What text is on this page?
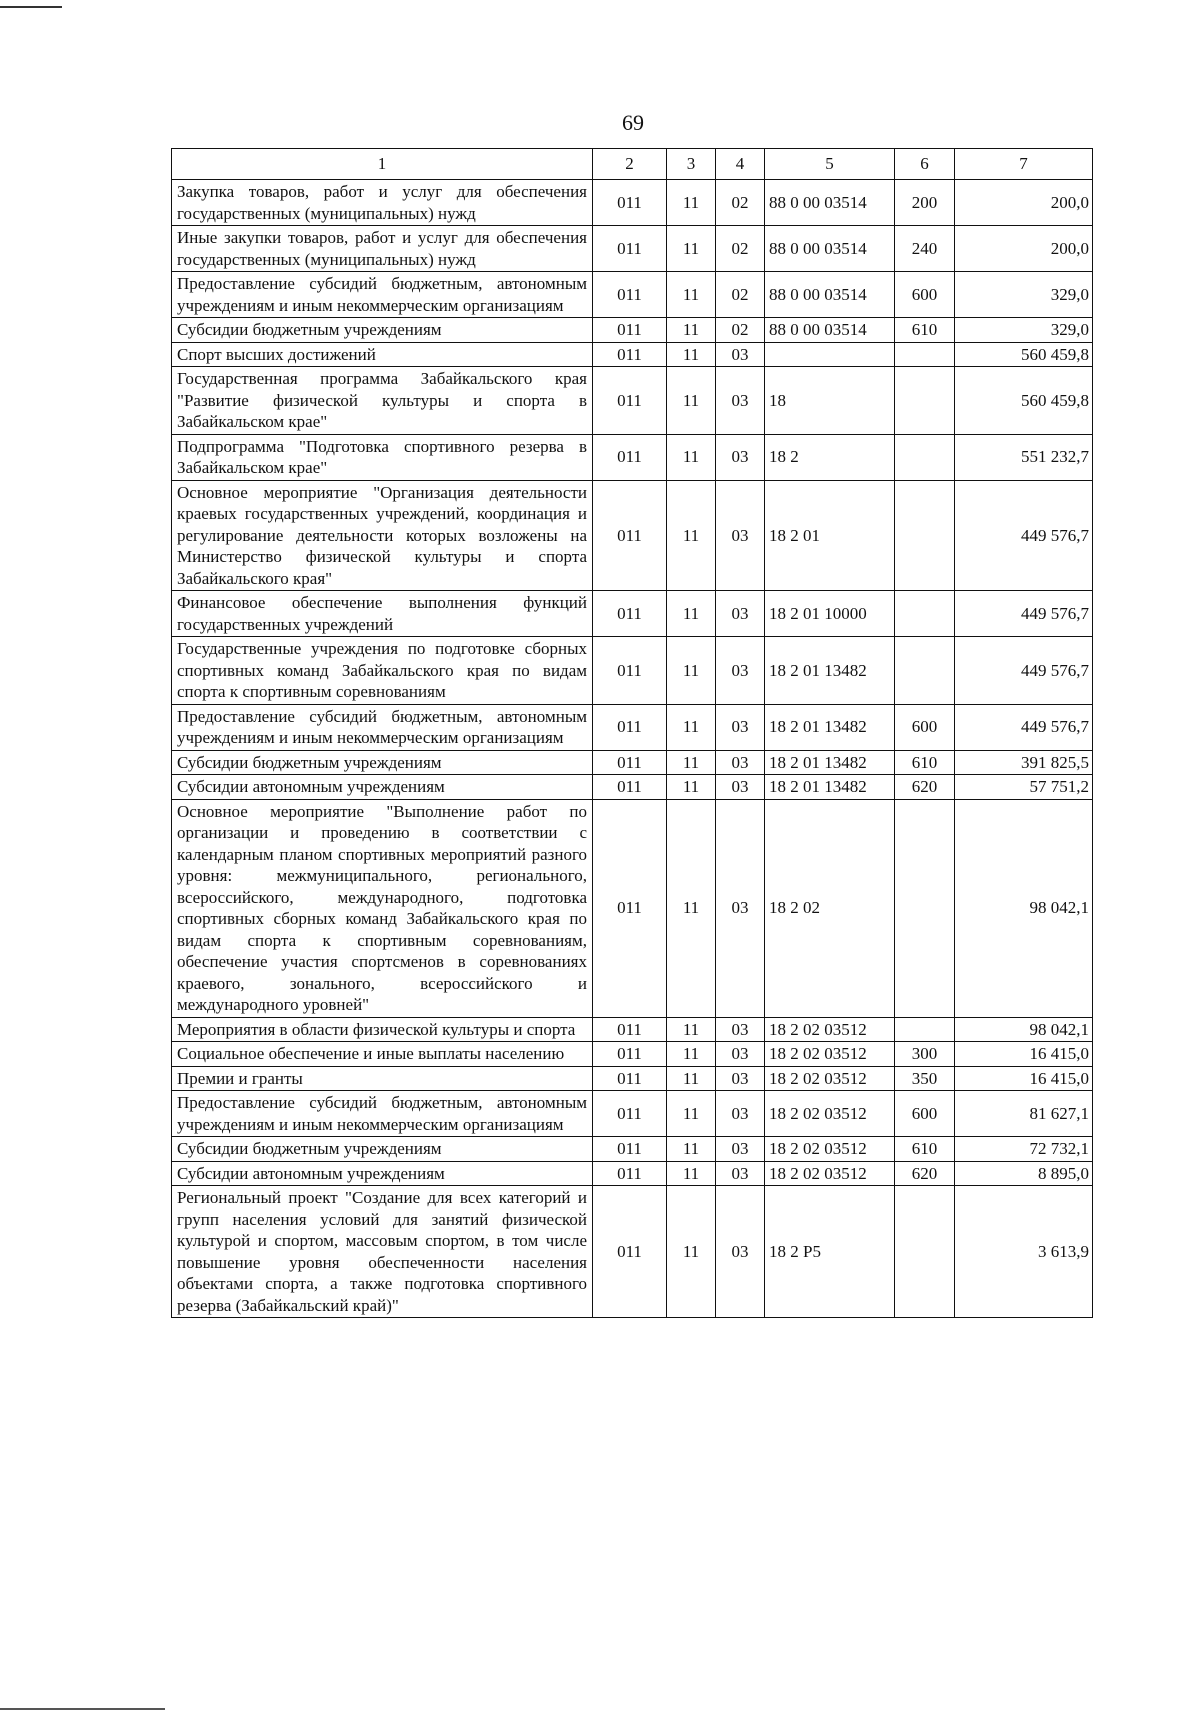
69
1	2	3	4	5	6	7
Закупка товаров, работ и услуг для обеспечения государственных (муниципальных) нужд	011	11	02	88 0 00 03514	200	200,0
Иные закупки товаров, работ и услуг для обеспечения государственных (муниципальных) нужд	011	11	02	88 0 00 03514	240	200,0
Предоставление субсидий бюджетным, автономным учреждениям и иным некоммерческим организациям	011	11	02	88 0 00 03514	600	329,0
Субсидии бюджетным учреждениям	011	11	02	88 0 00 03514	610	329,0
Спорт высших достижений	011	11	03			560 459,8
Государственная программа Забайкальского края "Развитие физической культуры и спорта в Забайкальском крае"	011	11	03	18		560 459,8
Подпрограмма "Подготовка спортивного резерва в Забайкальском крае"	011	11	03	18 2		551 232,7
Основное мероприятие "Организация деятельности краевых государственных учреждений, координация и регулирование деятельности которых возложены на Министерство физической культуры и спорта Забайкальского края"	011	11	03	18 2 01		449 576,7
Финансовое обеспечение выполнения функций государственных учреждений	011	11	03	18 2 01 10000		449 576,7
Государственные учреждения по подготовке сборных спортивных команд Забайкальского края по видам спорта к спортивным соревнованиям	011	11	03	18 2 01 13482		449 576,7
Предоставление субсидий бюджетным, автономным учреждениям и иным некоммерческим организациям	011	11	03	18 2 01 13482	600	449 576,7
Субсидии бюджетным учреждениям	011	11	03	18 2 01 13482	610	391 825,5
Субсидии автономным учреждениям	011	11	03	18 2 01 13482	620	57 751,2
Основное мероприятие "Выполнение работ по организации и проведению в соответствии с календарным планом спортивных мероприятий разного уровня: межмуниципального, регионального, всероссийского, международного, подготовка спортивных сборных команд Забайкальского края по видам спорта к спортивным соревнованиям, обеспечение участия спортсменов в соревнованиях краевого, зонального, всероссийского и международного уровней"	011	11	03	18 2 02		98 042,1
Мероприятия в области физической культуры и спорта	011	11	03	18 2 02 03512		98 042,1
Социальное обеспечение и иные выплаты населению	011	11	03	18 2 02 03512	300	16 415,0
Премии и гранты	011	11	03	18 2 02 03512	350	16 415,0
Предоставление субсидий бюджетным, автономным учреждениям и иным некоммерческим организациям	011	11	03	18 2 02 03512	600	81 627,1
Субсидии бюджетным учреждениям	011	11	03	18 2 02 03512	610	72 732,1
Субсидии автономным учреждениям	011	11	03	18 2 02 03512	620	8 895,0
Региональный проект "Создание для всех категорий и групп населения условий для занятий физической культурой и спортом, массовым спортом, в том числе повышение уровня обеспеченности населения объектами спорта, а также подготовка спортивного резерва (Забайкальский край)"	011	11	03	18 2 P5		3 613,9
